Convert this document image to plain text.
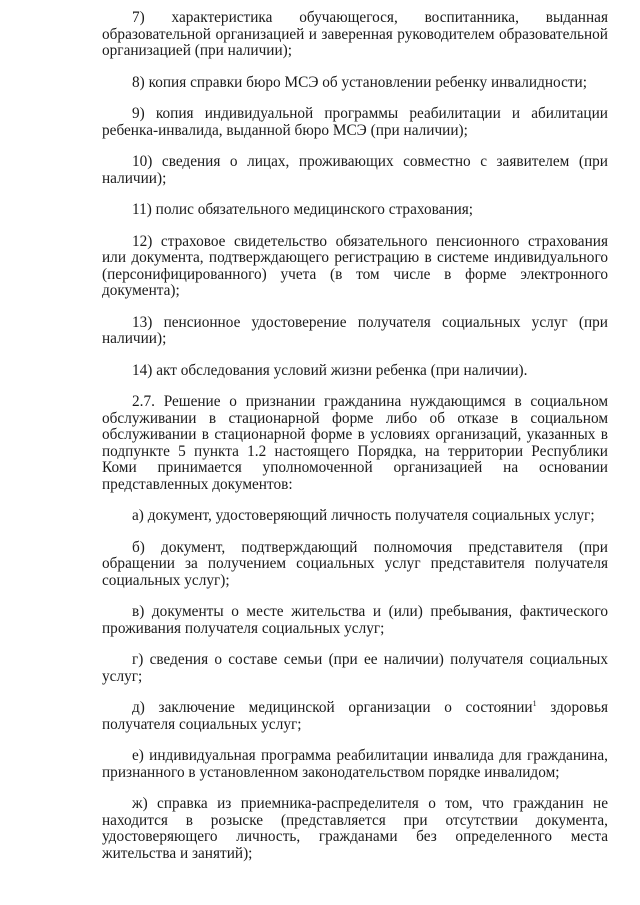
7) характеристика обучающегося, воспитанника, выданная образовательной организацией и заверенная руководителем образовательной организацией (при наличии);

8) копия справки бюро МСЭ об установлении ребенку инвалидности;

9) копия индивидуальной программы реабилитации и абилитации ребенка-инвалида, выданной бюро МСЭ (при наличии);

10) сведения о лицах, проживающих совместно с заявителем (при наличии);

11) полис обязательного медицинского страхования;

12) страховое свидетельство обязательного пенсионного страхования или документа, подтверждающего регистрацию в системе индивидуального (персонифицированного) учета (в том числе в форме электронного документа);

13) пенсионное удостоверение получателя социальных услуг (при наличии);

14) акт обследования условий жизни ребенка (при наличии).

2.7. Решение о признании гражданина нуждающимся в социальном обслуживании в стационарной форме либо об отказе в социальном обслуживании в стационарной форме в условиях организаций, указанных в подпункте 5 пункта 1.2 настоящего Порядка, на территории Республики Коми принимается уполномоченной организацией на основании представленных документов:

а) документ, удостоверяющий личность получателя социальных услуг;

б) документ, подтверждающий полномочия представителя (при обращении за получением социальных услуг представителя получателя социальных услуг);

в) документы о месте жительства и (или) пребывания, фактического проживания получателя социальных услуг;

г) сведения о составе семьи (при ее наличии) получателя социальных услуг;

д) заключение медицинской организации о состоянии$^1$ здоровья получателя социальных услуг;

е) индивидуальная программа реабилитации инвалида для гражданина, признанного в установленном законодательством порядке инвалидом;

ж) справка из приемника-распределителя о том, что гражданин не находится в розыске (представляется при отсутствии документа, удостоверяющего личность, гражданами без определенного места жительства и занятий);
